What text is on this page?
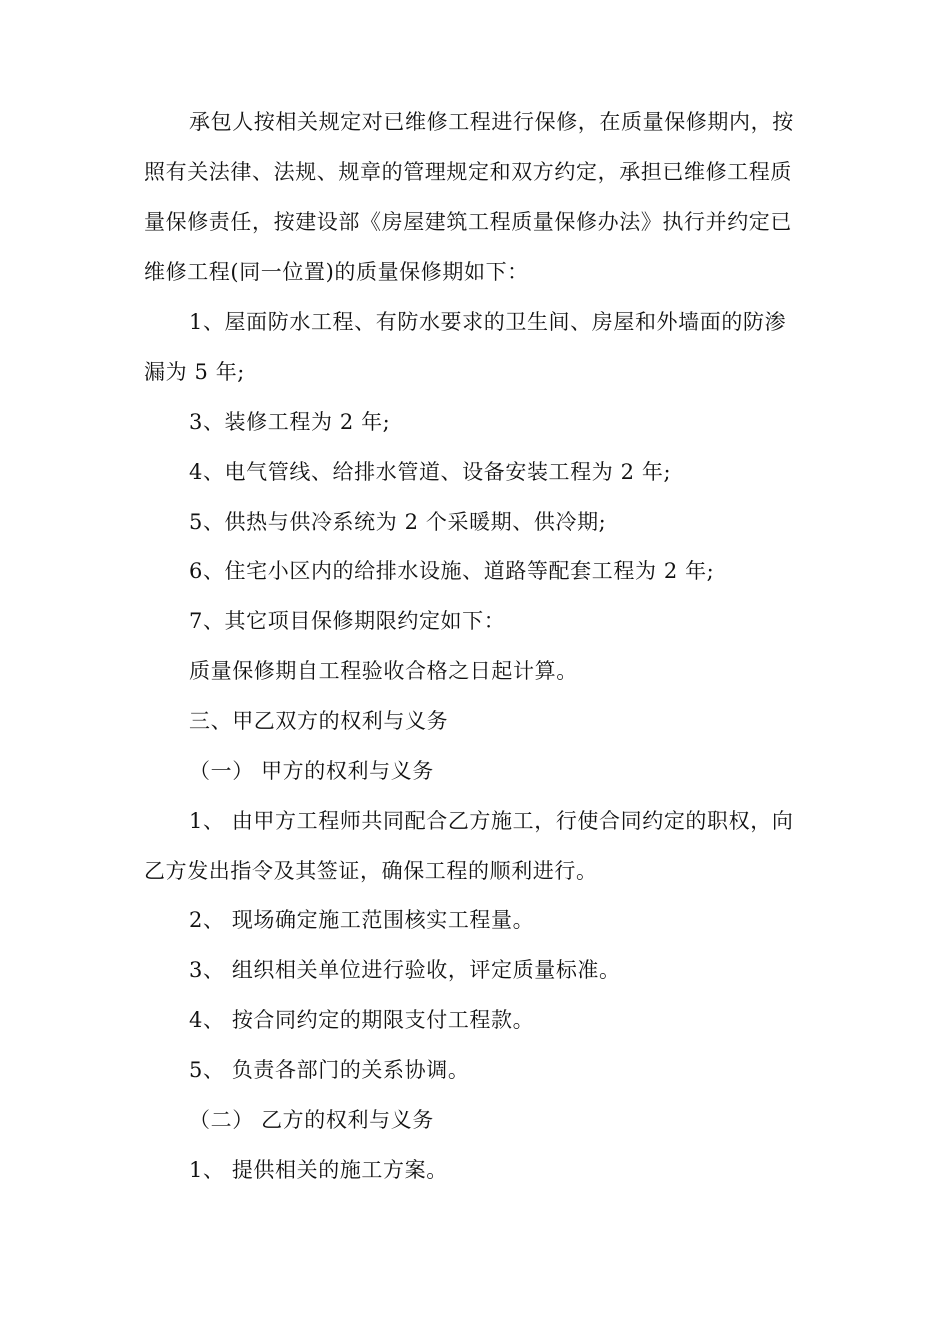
承包人按相关规定对已维修工程进行保修，在质量保修期内，按
照有关法律、法规、规章的管理规定和双方约定，承担已维修工程质
量保修责任，按建设部《房屋建筑工程质量保修办法》执行并约定已
维修工程(同一位置)的质量保修期如下：
1、屋面防水工程、有防水要求的卫生间、房屋和外墙面的防渗
漏为 5 年;
3、装修工程为 2 年;
4、电气管线、给排水管道、设备安装工程为 2 年;
5、供热与供冷系统为 2 个采暖期、供冷期;
6、住宅小区内的给排水设施、道路等配套工程为 2 年;
7、其它项目保修期限约定如下：
质量保修期自工程验收合格之日起计算。
三、甲乙双方的权利与义务
（一） 甲方的权利与义务
1、 由甲方工程师共同配合乙方施工，行使合同约定的职权，向
乙方发出指令及其签证，确保工程的顺利进行。
2、 现场确定施工范围核实工程量。
3、 组织相关单位进行验收，评定质量标准。
4、 按合同约定的期限支付工程款。
5、 负责各部门的关系协调。
（二） 乙方的权利与义务
1、 提供相关的施工方案。
